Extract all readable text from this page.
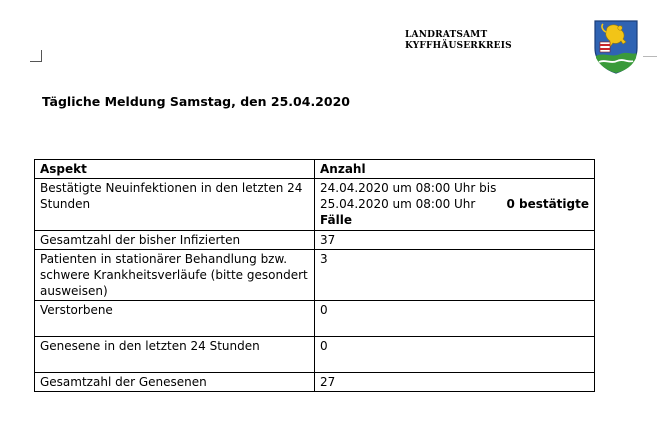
LANDRATSAMT
KYFFHÄUSERKREIS
Tägliche Meldung Samstag, den 25.04.2020
Aspekt	Anzahl
Bestätigte Neuinfektionen in den letzten 24 Stunden	24.04.2020 um 08:00 Uhr bis
25.04.2020 um 08:00 Uhr 0 bestätigte
Fälle

Gesamtzahl der bisher Infizierten	37
Patienten in stationärer Behandlung bzw. schwere Krankheitsverläufe (bitte gesondert ausweisen)	3
Verstorbene	0
Genesene in den letzten 24 Stunden	0
Gesamtzahl der Genesenen	27
